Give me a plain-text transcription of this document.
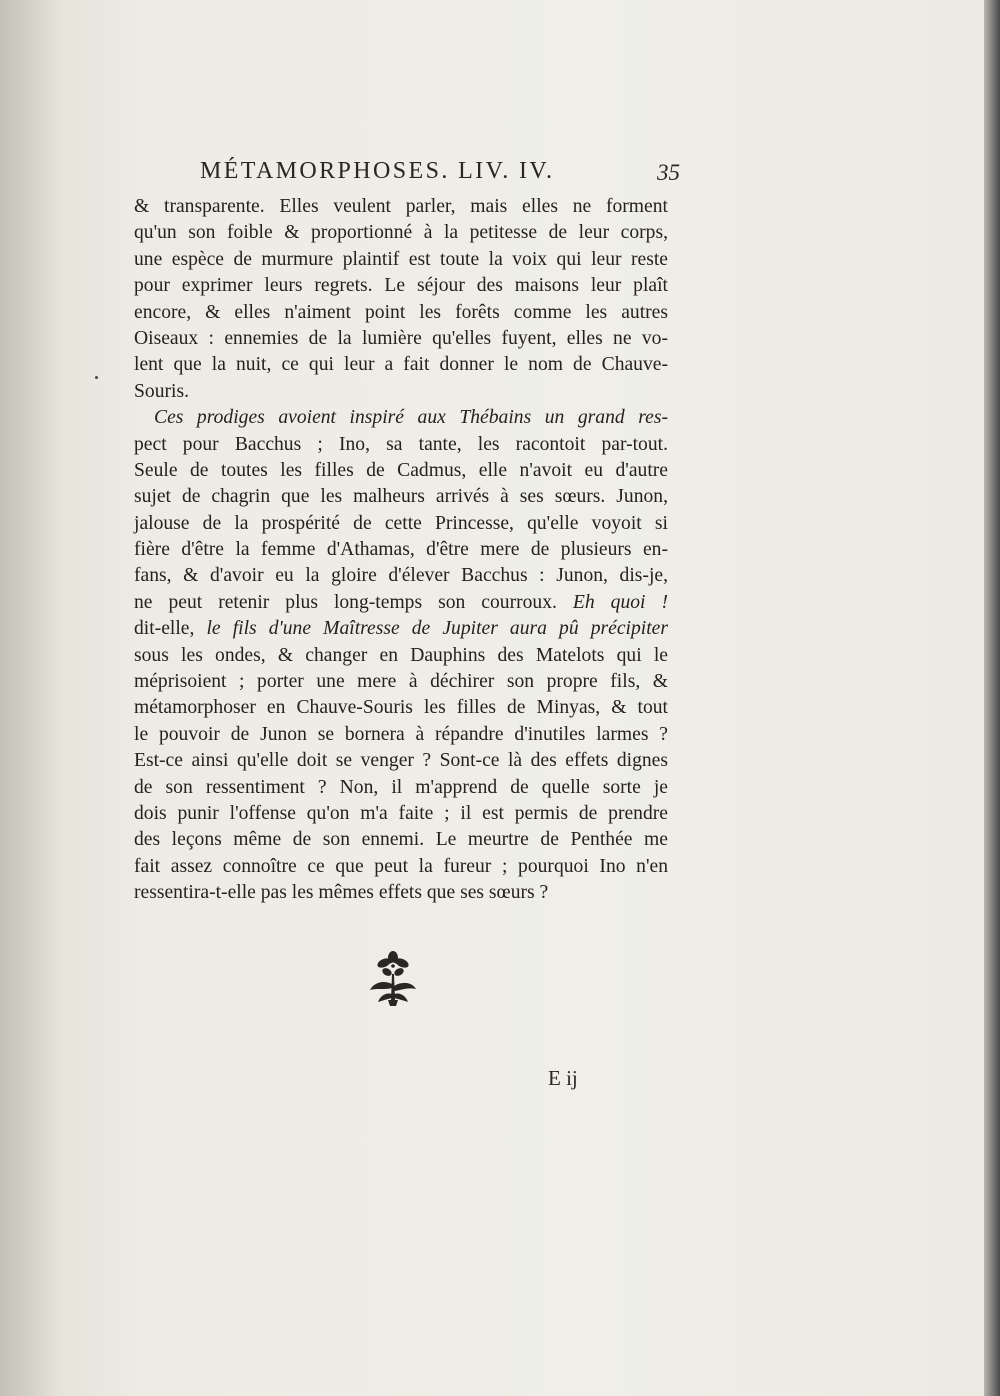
MÉTAMORPHOSES. LIV. IV.	35
& transparente. Elles veulent parler, mais elles ne forment
qu'un son foible & proportionné à la petitesse de leur corps,
une espèce de murmure plaintif est toute la voix qui leur reste
pour exprimer leurs regrets. Le séjour des maisons leur plaît
encore, & elles n'aiment point les forêts comme les autres
Oiseaux : ennemies de la lumière qu'elles fuyent, elles ne vo-
lent que la nuit, ce qui leur a fait donner le nom de Chauve-
Souris.
Ces prodiges avoient inspiré aux Thébains un grand res-
pect pour Bacchus ; Ino, sa tante, les racontoit par-tout.
Seule de toutes les filles de Cadmus, elle n'avoit eu d'autre
sujet de chagrin que les malheurs arrivés à ses sœurs. Junon,
jalouse de la prospérité de cette Princesse, qu'elle voyoit si
fière d'être la femme d'Athamas, d'être mere de plusieurs en-
fans, & d'avoir eu la gloire d'élever Bacchus : Junon, dis-je,
ne peut retenir plus long-temps son courroux. Eh quoi !
dit-elle, le fils d'une Maîtresse de Jupiter aura pû précipiter
sous les ondes, & changer en Dauphins des Matelots qui le
méprisoient ; porter une mere à déchirer son propre fils, &
métamorphoser en Chauve-Souris les filles de Minyas, & tout
le pouvoir de Junon se bornera à répandre d'inutiles larmes ?
Est-ce ainsi qu'elle doit se venger ? Sont-ce là des effets dignes
de son ressentiment ? Non, il m'apprend de quelle sorte je
dois punir l'offense qu'on m'a faite ; il est permis de prendre
des leçons même de son ennemi. Le meurtre de Penthée me
fait assez connoître ce que peut la fureur ; pourquoi Ino n'en
ressentira-t-elle pas les mêmes effets que ses sœurs ?
E ij
